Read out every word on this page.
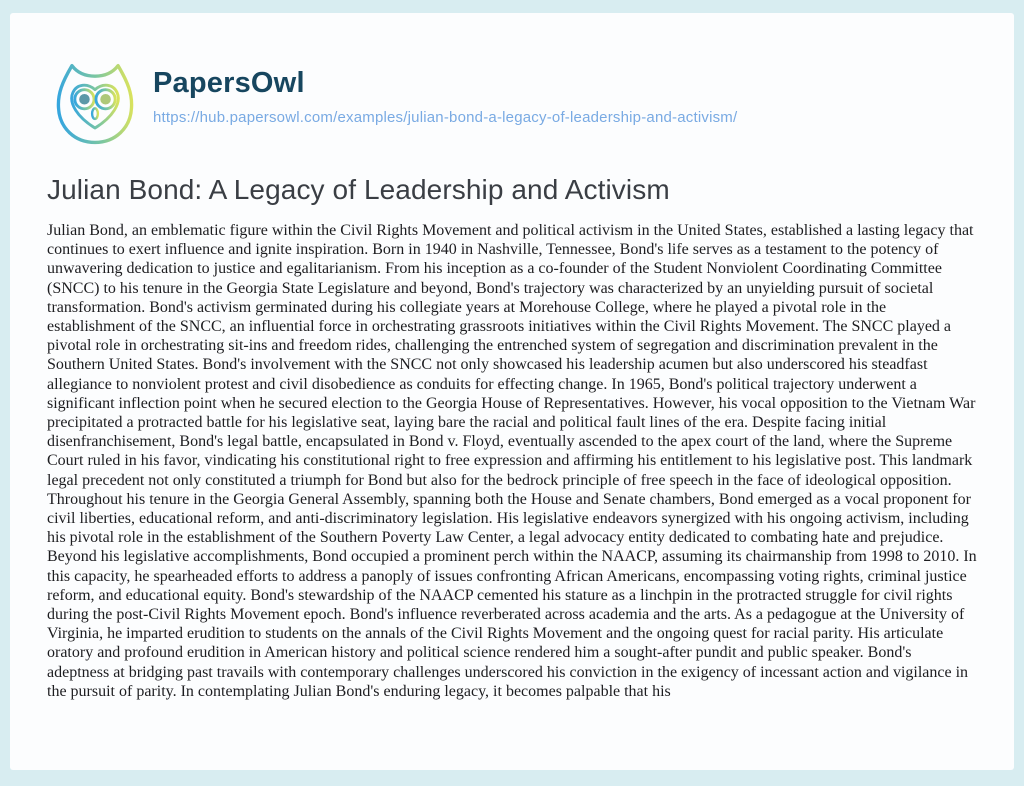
PapersOwl
https://hub.papersowl.com/examples/julian-bond-a-legacy-of-leadership-and-activism/
Julian Bond: A Legacy of Leadership and Activism

Julian Bond, an emblematic figure within the Civil Rights Movement and political activism in the United States, established a lasting legacy that continues to exert influence and ignite inspiration. Born in 1940 in Nashville, Tennessee, Bond's life serves as a testament to the potency of unwavering dedication to justice and egalitarianism. From his inception as a co-founder of the Student Nonviolent Coordinating Committee (SNCC) to his tenure in the Georgia State Legislature and beyond, Bond's trajectory was characterized by an unyielding pursuit of societal transformation. Bond's activism germinated during his collegiate years at Morehouse College, where he played a pivotal role in the establishment of the SNCC, an influential force in orchestrating grassroots initiatives within the Civil Rights Movement. The SNCC played a pivotal role in orchestrating sit-ins and freedom rides, challenging the entrenched system of segregation and discrimination prevalent in the Southern United States. Bond's involvement with the SNCC not only showcased his leadership acumen but also underscored his steadfast allegiance to nonviolent protest and civil disobedience as conduits for effecting change. In 1965, Bond's political trajectory underwent a significant inflection point when he secured election to the Georgia House of Representatives. However, his vocal opposition to the Vietnam War precipitated a protracted battle for his legislative seat, laying bare the racial and political fault lines of the era. Despite facing initial disenfranchisement, Bond's legal battle, encapsulated in Bond v. Floyd, eventually ascended to the apex court of the land, where the Supreme Court ruled in his favor, vindicating his constitutional right to free expression and affirming his entitlement to his legislative post. This landmark legal precedent not only constituted a triumph for Bond but also for the bedrock principle of free speech in the face of ideological opposition. Throughout his tenure in the Georgia General Assembly, spanning both the House and Senate chambers, Bond emerged as a vocal proponent for civil liberties, educational reform, and anti-discriminatory legislation. His legislative endeavors synergized with his ongoing activism, including his pivotal role in the establishment of the Southern Poverty Law Center, a legal advocacy entity dedicated to combating hate and prejudice. Beyond his legislative accomplishments, Bond occupied a prominent perch within the NAACP, assuming its chairmanship from 1998 to 2010. In this capacity, he spearheaded efforts to address a panoply of issues confronting African Americans, encompassing voting rights, criminal justice reform, and educational equity. Bond's stewardship of the NAACP cemented his stature as a linchpin in the protracted struggle for civil rights during the post-Civil Rights Movement epoch. Bond's influence reverberated across academia and the arts. As a pedagogue at the University of Virginia, he imparted erudition to students on the annals of the Civil Rights Movement and the ongoing quest for racial parity. His articulate oratory and profound erudition in American history and political science rendered him a sought-after pundit and public speaker. Bond's adeptness at bridging past travails with contemporary challenges underscored his conviction in the exigency of incessant action and vigilance in the pursuit of parity. In contemplating Julian Bond's enduring legacy, it becomes palpable that his
